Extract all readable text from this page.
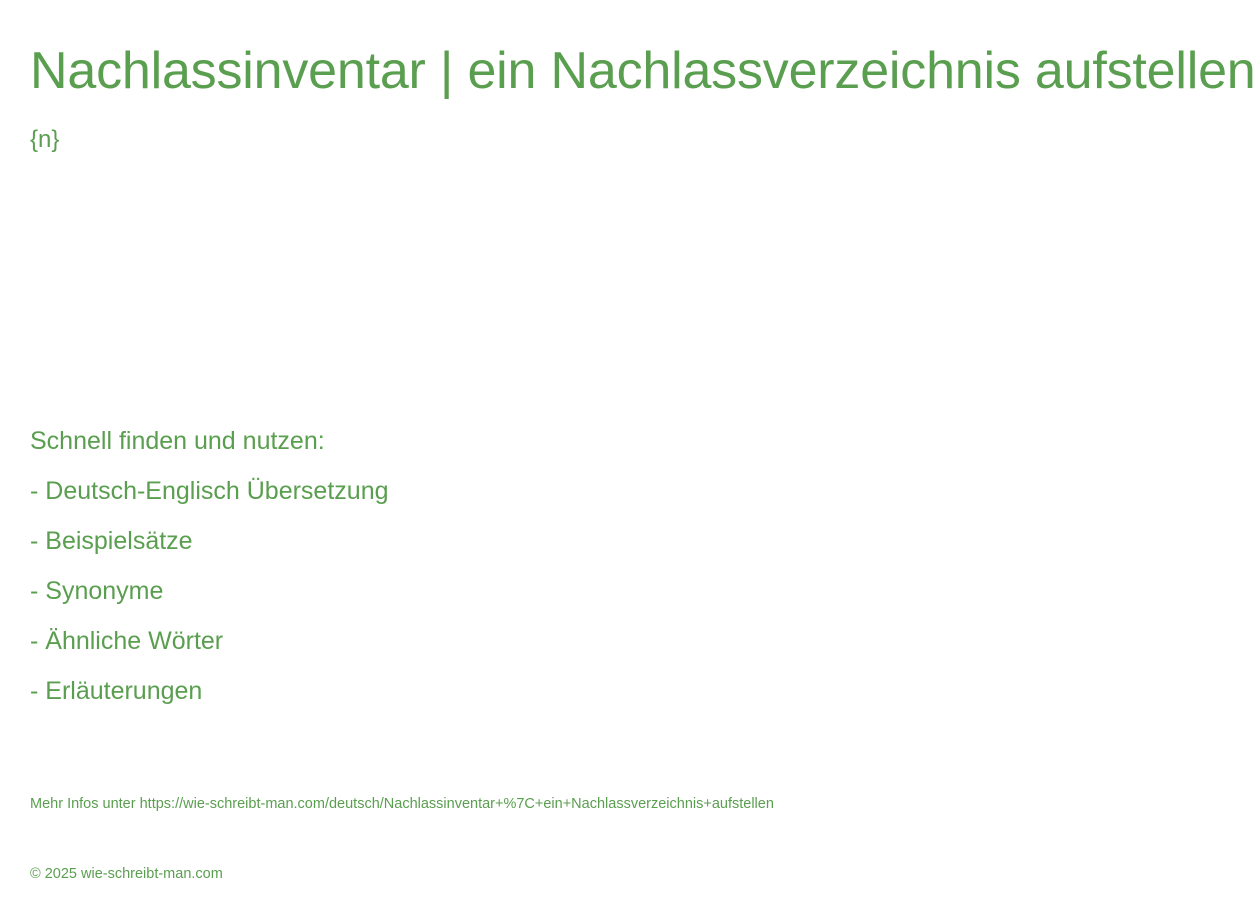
Nachlassinventar | ein Nachlassverzeichnis aufstellen
{n}
Schnell finden und nutzen:
- Deutsch-Englisch Übersetzung
- Beispielsätze
- Synonyme
- Ähnliche Wörter
- Erläuterungen
Mehr Infos unter https://wie-schreibt-man.com/deutsch/Nachlassinventar+%7C+ein+Nachlassverzeichnis+aufstellen
© 2025 wie-schreibt-man.com
